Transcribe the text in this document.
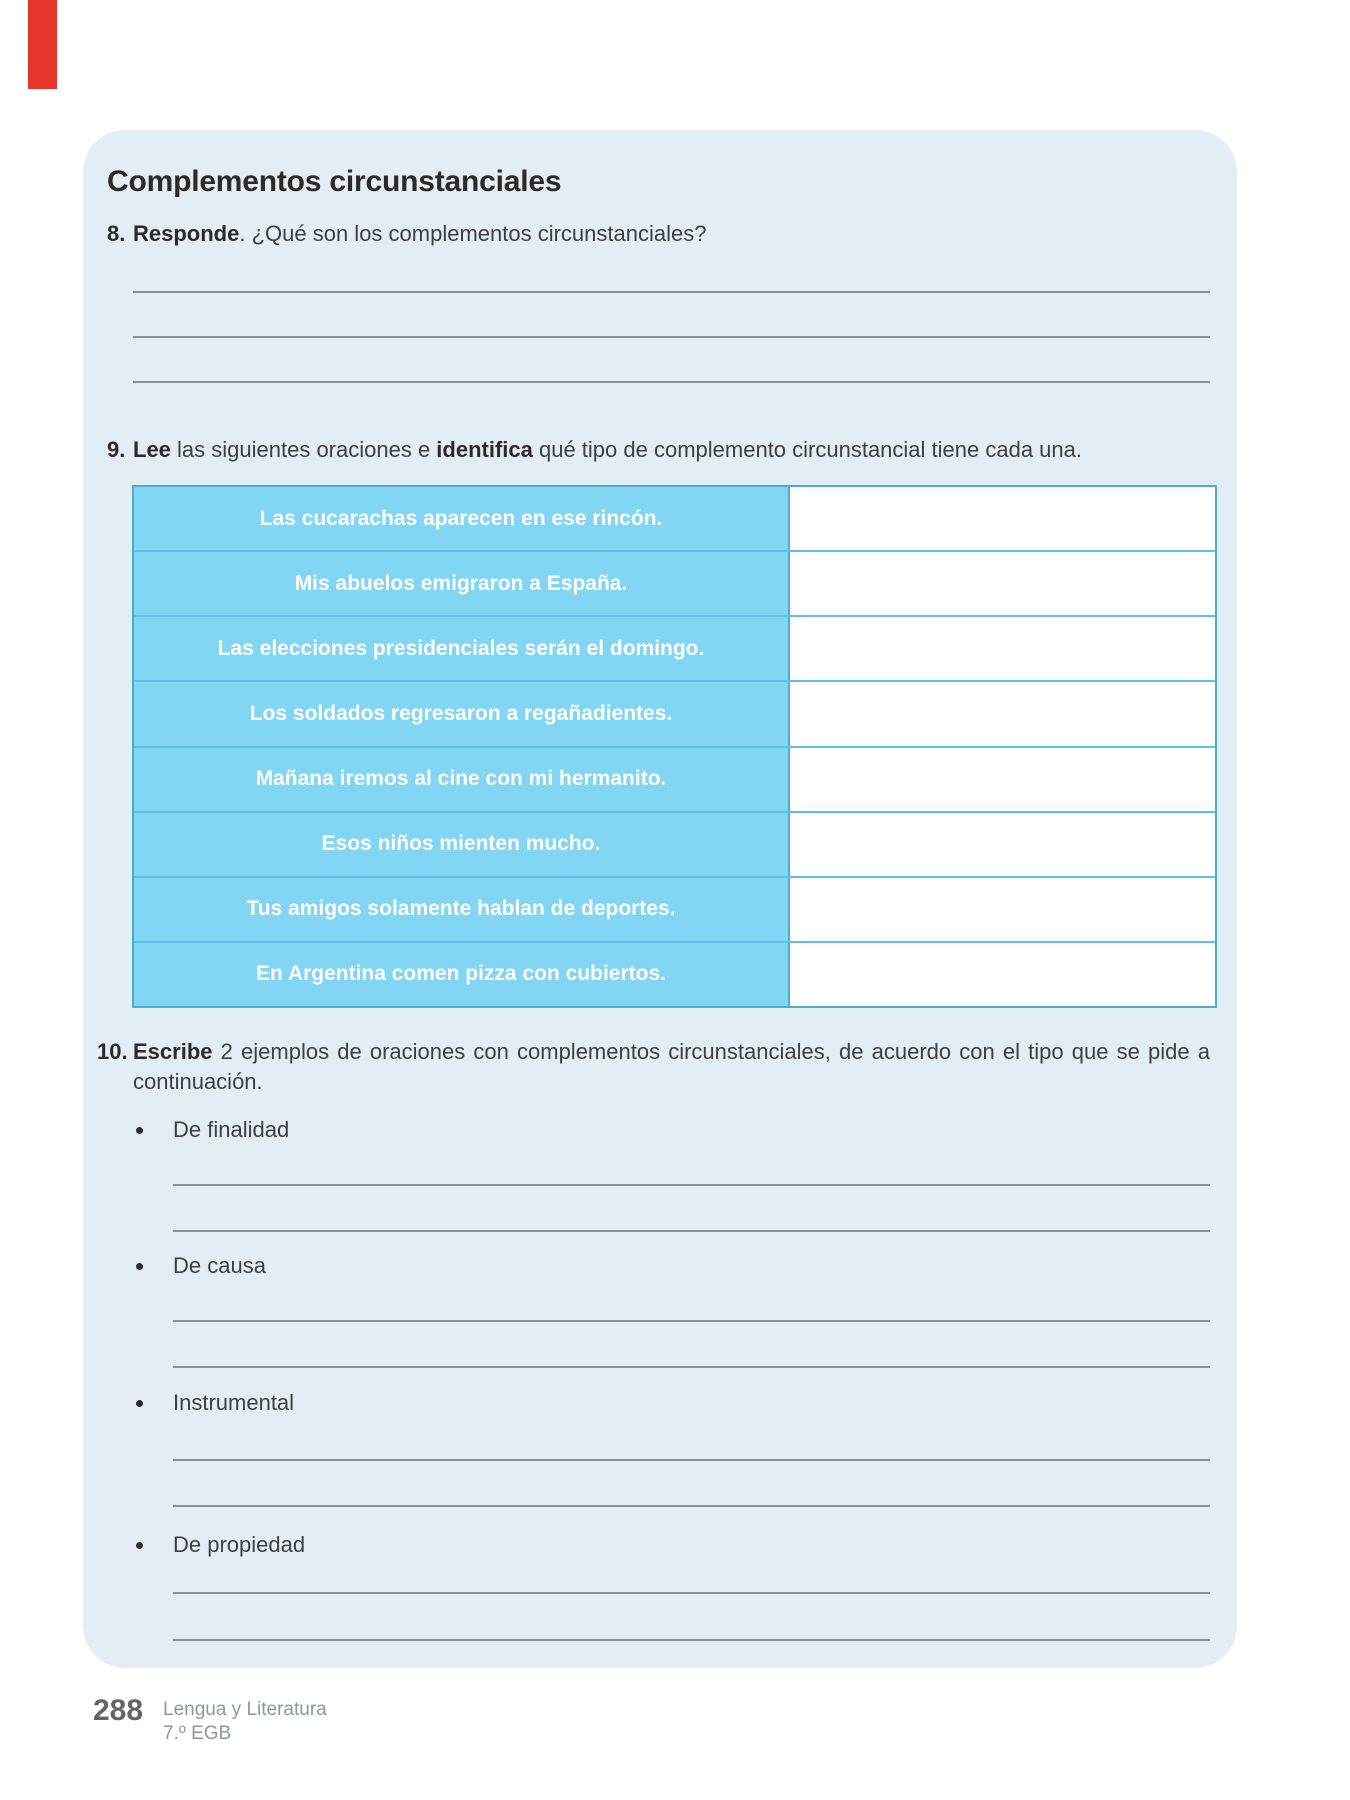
Complementos circunstanciales
8. Responde. ¿Qué son los complementos circunstanciales?
9. Lee las siguientes oraciones e identifica qué tipo de complemento circunstancial tiene cada una.
Las cucarachas aparecen en ese rincón.
Mis abuelos emigraron a España.
Las elecciones presidenciales serán el domingo.
Los soldados regresaron a regañadientes.
Mañana iremos al cine con mi hermanito.
Esos niños mienten mucho.
Tus amigos solamente hablan de deportes.
En Argentina comen pizza con cubiertos.
10. Escribe 2 ejemplos de oraciones con complementos circunstanciales, de acuerdo con el tipo que se pide a continuación.
De finalidad
De causa
Instrumental
De propiedad
288 Lengua y Literatura
7.º EGB
